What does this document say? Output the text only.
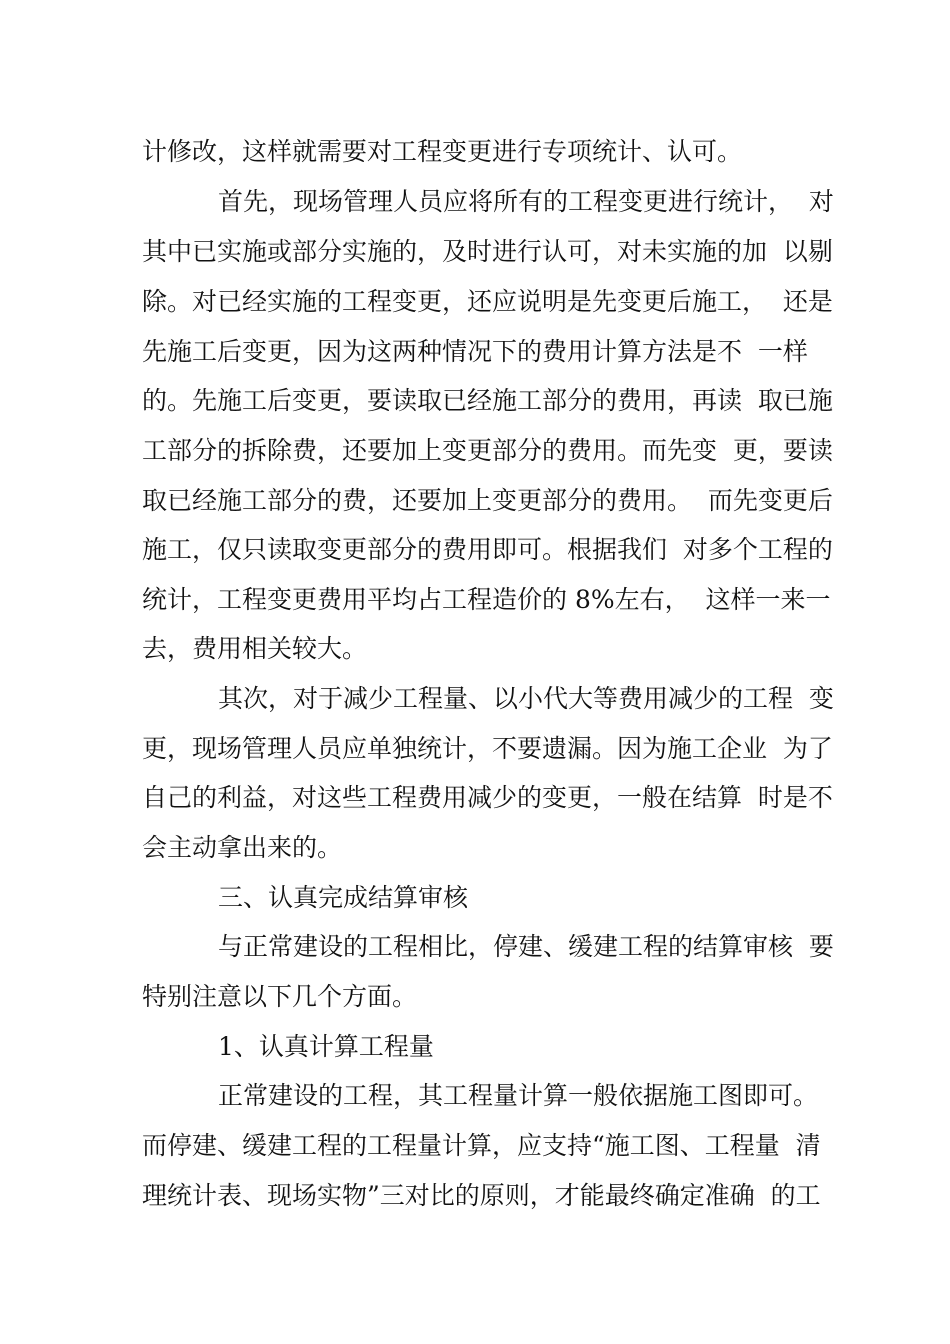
计修改，这样就需要对工程变更进行专项统计、认可。
首先，现场管理人员应将所有的工程变更进行统计，  对
其中已实施或部分实施的，及时进行认可，对未实施的加  以剔
除。对已经实施的工程变更，还应说明是先变更后施工，  还是
先施工后变更，因为这两种情况下的费用计算方法是不  一样
的。先施工后变更，要读取已经施工部分的费用，再读  取已施
工部分的拆除费，还要加上变更部分的费用。而先变  更，要读
取已经施工部分的费，还要加上变更部分的费用。  而先变更后
施工，仅只读取变更部分的费用即可。根据我们  对多个工程的
统计，工程变更费用平均占工程造价的 8%左右，  这样一来一
去，费用相关较大。
其次，对于减少工程量、以小代大等费用减少的工程  变
更，现场管理人员应单独统计，不要遗漏。因为施工企业  为了
自己的利益，对这些工程费用减少的变更，一般在结算  时是不
会主动拿出来的。
三、认真完成结算审核
与正常建设的工程相比，停建、缓建工程的结算审核  要
特别注意以下几个方面。
1、认真计算工程量
正常建设的工程，其工程量计算一般依据施工图即可。
而停建、缓建工程的工程量计算，应支持“施工图、工程量  清
理统计表、现场实物”三对比的原则，才能最终确定准确  的工
